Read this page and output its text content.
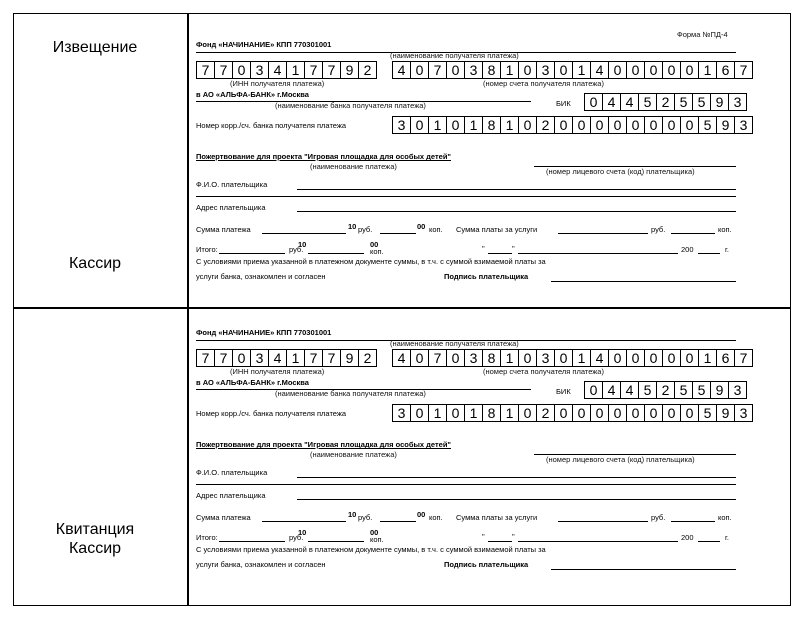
Извещение
Кассир
Квитанция
Кассир
Форма №ПД-4
Фонд «НАЧИНАНИЕ» КПП 770301001
(наименование получателя платежа)
7 7 0 3 4 1 7 7 9 2	4 0 7 0 3 8 1 0 3 0 1 4 0 0 0 0 0 1 6 7
(ИНН получателя платежа)	(номер счета получателя платежа)
в АО «АЛЬФА-БАНК» г.Москва
(наименование банка получателя платежа)	БИК	0 4 4 5 2 5 5 9 3
Номер корр./сч. банка получателя платежа	3 0 1 0 1 8 1 0 2 0 0 0 0 0 0 0 0 5 9 3
Пожертвование для проекта "Игровая площадка для особых детей"
(наименование платежа)
(номер лицевого счета (код) плательщика)
Ф.И.О. плательщика
Адрес плательщика
Сумма платежа	10 руб.	00 коп. Сумма платы за услуги	руб.	коп.
Итого:
10
руб.
00
коп.	"	"	200	г.
С условиями приема указанной в платежном документе суммы, в т.ч. с суммой взимаемой платы за
услуги банка, ознакомлен и согласен	Подпись плательщика
Фонд «НАЧИНАНИЕ» КПП 770301001
(наименование получателя платежа)
7 7 0 3 4 1 7 7 9 2	4 0 7 0 3 8 1 0 3 0 1 4 0 0 0 0 0 1 6 7
(ИНН получателя платежа)	(номер счета получателя платежа)
в АО «АЛЬФА-БАНК» г.Москва
(наименование банка получателя платежа)	БИК	0 4 4 5 2 5 5 9 3
Номер корр./сч. банка получателя платежа	3 0 1 0 1 8 1 0 2 0 0 0 0 0 0 0 0 5 9 3
Пожертвование для проекта "Игровая площадка для особых детей"
(наименование платежа)
(номер лицевого счета (код) плательщика)
Ф.И.О. плательщика
Адрес плательщика
Сумма платежа	10 руб.	00 коп. Сумма платы за услуги	руб.	коп.
Итого:
10
руб.
00
коп.	"	"	200	г.
С условиями приема указанной в платежном документе суммы, в т.ч. с суммой взимаемой платы за
услуги банка, ознакомлен и согласен	Подпись плательщика
